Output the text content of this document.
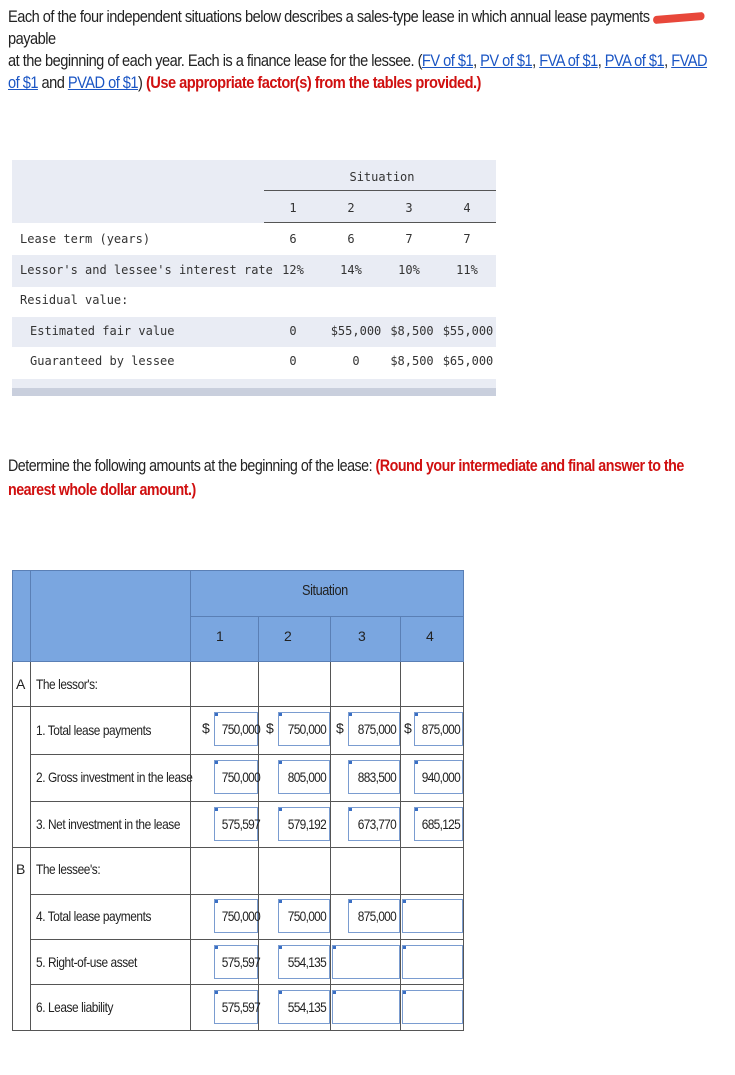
Each of the four independent situations below describes a sales-type lease in which annual lease payments  payable
at the beginning of each year. Each is a finance lease for the lessee. (FV of $1, PV of $1, FVA of $1, PVA of $1, FVAD of $1 and PVAD of $1) (Use appropriate factor(s) from the tables provided.)
Situation
1	2	3	4
Lease term (years)	6	6	7	7
Lessor's and lessee's interest rate 12%	14%	10%	11%
Residual value:
Estimated fair value	0	$55,000 $8,500 $55,000
Guaranteed by lessee	0	0	$8,500 $65,000
Determine the following amounts at the beginning of the lease: (Round your intermediate and final answer to the nearest whole dollar amount.)
Situation
1	2	3	4
A The lessor's:
1. Total lease payments	$ 750,000 $ 750,000 $ 875,000 $ 875,000
2. Gross investment in the lease	750,000	805,000	883,500	940,000
3. Net investment in the lease	575,597	579,192	673,770	685,125
B The lessee's:
4. Total lease payments	750,000	750,000	875,000
5. Right-of-use asset	575,597	554,135
6. Lease liability	575,597	554,135
